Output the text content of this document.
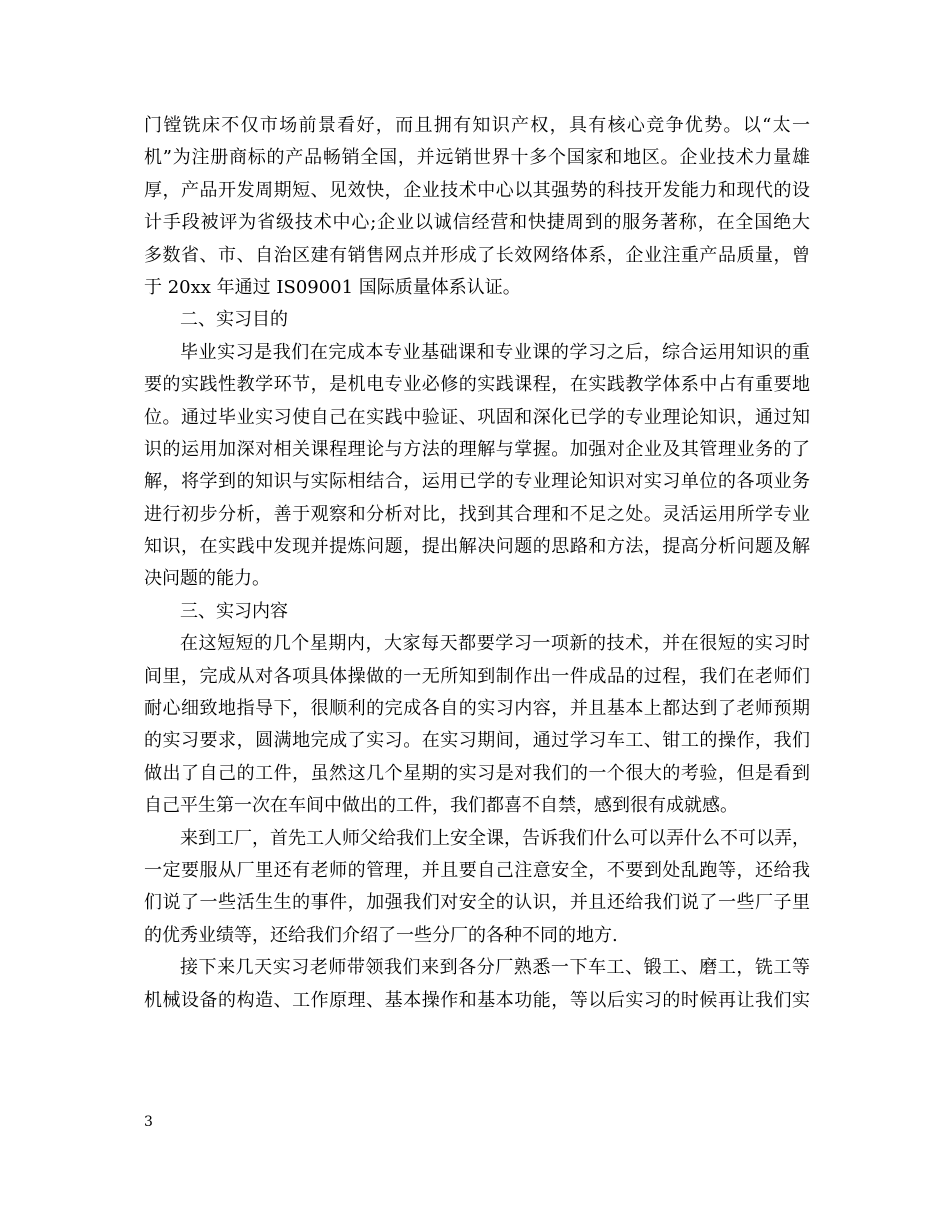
门镗铣床不仅市场前景看好，而且拥有知识产权，具有核心竞争优势。以“太一
机”为注册商标的产品畅销全国，并远销世界十多个国家和地区。企业技术力量雄
厚，产品开发周期短、见效快，企业技术中心以其强势的科技开发能力和现代的设
计手段被评为省级技术中心;企业以诚信经营和快捷周到的服务著称，在全国绝大
多数省、市、自治区建有销售网点并形成了长效网络体系，企业注重产品质量，曾
于 20xx 年通过 IS09001 国际质量体系认证。
二、实习目的
毕业实习是我们在完成本专业基础课和专业课的学习之后，综合运用知识的重
要的实践性教学环节，是机电专业必修的实践课程，在实践教学体系中占有重要地
位。通过毕业实习使自己在实践中验证、巩固和深化已学的专业理论知识，通过知
识的运用加深对相关课程理论与方法的理解与掌握。加强对企业及其管理业务的了
解，将学到的知识与实际相结合，运用已学的专业理论知识对实习单位的各项业务
进行初步分析，善于观察和分析对比，找到其合理和不足之处。灵活运用所学专业
知识，在实践中发现并提炼问题，提出解决问题的思路和方法，提高分析问题及解
决问题的能力。
三、实习内容
在这短短的几个星期内，大家每天都要学习一项新的技术，并在很短的实习时
间里，完成从对各项具体操做的一无所知到制作出一件成品的过程，我们在老师们
耐心细致地指导下，很顺利的完成各自的实习内容，并且基本上都达到了老师预期
的实习要求，圆满地完成了实习。在实习期间，通过学习车工、钳工的操作，我们
做出了自己的工件，虽然这几个星期的实习是对我们的一个很大的考验，但是看到
自己平生第一次在车间中做出的工件，我们都喜不自禁，感到很有成就感。
来到工厂，首先工人师父给我们上安全课，告诉我们什么可以弄什么不可以弄，
一定要服从厂里还有老师的管理，并且要自己注意安全，不要到处乱跑等，还给我
们说了一些活生生的事件，加强我们对安全的认识，并且还给我们说了一些厂子里
的优秀业绩等，还给我们介绍了一些分厂的各种不同的地方.
接下来几天实习老师带领我们来到各分厂熟悉一下车工、锻工、磨工，铣工等
机械设备的构造、工作原理、基本操作和基本功能，等以后实习的时候再让我们实
3
